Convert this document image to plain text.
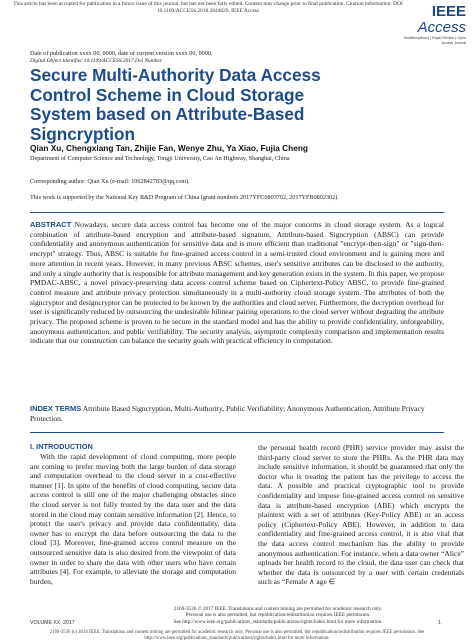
This article has been accepted for publication in a future issue of this journal, but has not been fully edited. Content may change prior to final publication. Citation information: DOI
10.1109/ACCESS.2018.2844829, IEEE Access	IEEE Access
Multidisciplinary | Rapid Review | Open Access Journal
Date of publication xxxx 00, 0000, date of current version xxxx 00, 0000.
Digital Object Identifier 10.1109/ACCESS.2017.Doi Number
Secure Multi-Authority Data Access Control Scheme in Cloud Storage System based on Attribute-Based Signcryption
Qian Xu, Chengxiang Tan, Zhijie Fan, Wenye Zhu, Ya Xiao, Fujia Cheng
Department of Computer Science and Technology, Tongji University, Cao An Highway, Shanghai, China
Corresponding author: Qian Xu (e-mail: 1062842783@qq.com).
This work is supported by the National Key R&D Program of China (grant numbers 2017YFC0803702, 2017YFB0802302).
ABSTRACT Nowadays, secure data access control has become one of the major concerns in cloud storage system. As a logical combination of attribute-based encryption and attribute-based signature, Attribute-based Signcryption (ABSC) can provide confidentiality and anonymous authentication for sensitive data and is more efficient than traditional "encrypt-then-sign" or "sign-then-encrypt" strategy. Thus, ABSC is suitable for fine-grained access control in a semi-trusted cloud environment and is gaining more and more attention in recent years. However, in many previous ABSC schemes, user's sensitive attributes can be disclosed to the authority, and only a single authority that is responsible for attribute management and key generation exists in the system. In this paper, we propose PMDAC-ABSC, a novel privacy-preserving data access control scheme based on Ciphertext-Policy ABSC, to provide fine-grained control measure and attribute privacy protection simultaneously in a multi-authority cloud storage system. The attributes of both the signcryptor and designcryptor can be protected to be known by the authorities and cloud server. Furthermore, the decryption overhead for user is significantly reduced by outsourcing the undesirable bilinear pairing operations to the cloud server without degrading the attribute privacy. The proposed scheme is proven to be secure in the standard model and has the ability to provide confidentiality, unforgeability, anonymous authentication, and public verifiability. The security analysis, asymptotic complexity comparison and implementation results indicate that our construction can balance the security goals with practical efficiency in computation.
INDEX TERMS Attribute Based Signcryption, Multi-Authority, Public Verifiability; Anonymous Authentication, Attribute Privacy Protection.
I. INTRODUCTION
With the rapid development of cloud computing, more people are coming to prefer moving both the large burden of data storage and computation overhead to the cloud server in a cost-effective manner [1]. In spite of the benefits of cloud computing, secure data access control is still one of the major challenging obstacles since the cloud server is not fully trusted by the data user and the data stored in the cloud may contain sensitive information [2]. Hence, to protect the user's privacy and provide data confidentiality, data owner has to encrypt the data before outsourcing the data to the cloud [3]. Moreover, fine-grained access control measure on the outsourced sensitive data is also desired from the viewpoint of data owner in order to share the data with other users who have certain attributes [4]. For example, to alleviate the storage and computation burden,
the personal health record (PHR) service provider may assist the third-party cloud server to store the PHRs. As the PHR data may include sensitive information, it should be guaranteed that only the doctor who is treating the patient has the privilege to access the data. A possible and practical cryptographic tool to provide confidentiality and impose fine-grained access control on sensitive data is attribute-based encryption (ABE) which encrypts the plaintext with a set of attributes (Key-Policy ABE) or an access policy (Ciphertext-Policy ABE). However, in addition to data confidentiality and fine-grained access control, it is also vital that the data access control mechanism has the ability to provide anonymous authentication. For instance, when a data owner “Alice” uploads her health record to the cloud, the data user can check that whether the data is outsourced by a user with certain credentials such as “Female ∧ age ∈
2169-3536 © 2017 IEEE. Translations and content mining are permitted for academic research only.
Personal use is also permitted, but republication/redistribution requires IEEE permission.
See http://www.ieee.org/publications_standards/publications/rights/index.html for more information.
VOLUME XX, 2017	1
2169-3536 (c) 2018 IEEE. Translations and content mining are permitted for academic research only. Personal use is also permitted, but republication/redistribution requires IEEE permission. See
http://www.ieee.org/publications_standards/publications/rights/index.html for more information.
